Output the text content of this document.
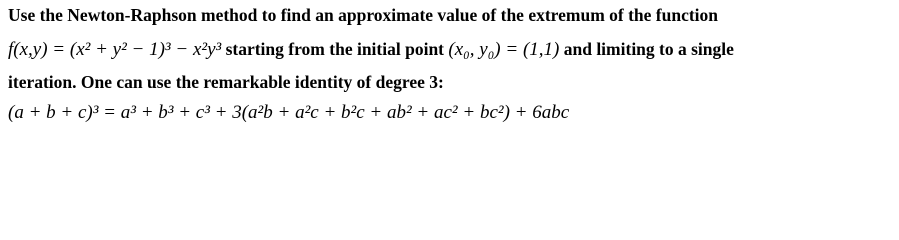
Use the Newton-Raphson method to find an approximate value of the extremum of the function
f(x,y) = (x² + y² − 1)³ − x²y³ starting from the initial point (x₀, y₀) = (1,1) and limiting to a single
iteration. One can use the remarkable identity of degree 3:
(a + b + c)³ = a³ + b³ + c³ + 3(a²b + a²c + b²c + ab² + ac² + bc²) + 6abc
